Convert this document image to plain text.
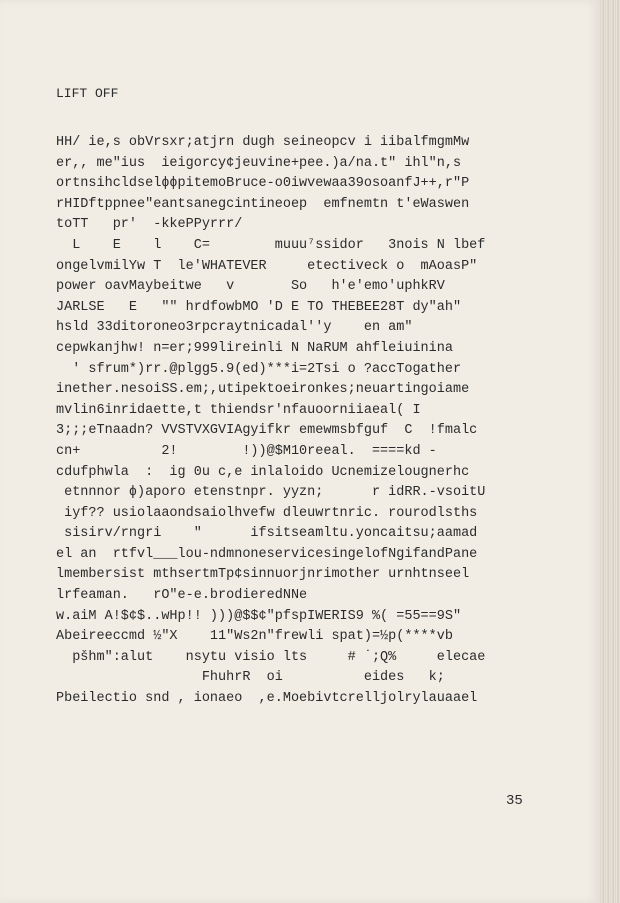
LIFT OFF
HH/ ie,s obVrsxr;atjrn dugh seineopcv i iibalfmgmMw
er,, me"ius  ieigorcy¢jeuvine+pee.)a/na.t" ihl"n,s
ortnsihcldselɸɸpitemoBruce-o0iwvewaa39osoanfJ++,r"P
rHIDftppnee"eantsanegcintineoep  emfnemtn t'eWaswen
toTT   pr'  -kkePPyrrr/
L    E    l    C=        muuu⁷ssidor   3nois N lbef
ongelvmilYw T  le'WHATEVER     etectiveck o  mAoasP"
power oavMaybeitwe   v       So   h'e'emo'uphkRV
JARLSE   E   "" hrdfowbMO 'D E TO THEBEE28T dy"ah"
hsld 33ditoroneo3rpcraytnicadal''y    en am"
cepwkanjhw! n=er;999lireinli N NaRUM ahfleiuinina
' sfrum*)rr.@plgg5.9(ed)***i=2Tsi o ?accTogather
inether.nesoiSS.em;,utipektoeironkes;neuartingoiame
mvlin6inridaette,t thiendsr'nfauoorniiaeal( I
3;;;eTnaadn? VVSTVXGVIAgyifkr emewmsbfguf  C  !fmalc
cn+          2!        !))@$M10reeal.  ====kd -
cdufphwla  :  ig 0u c,e inlaloido Ucnemizelougnerhc
etnnnor ɸ)aporo etenstnpr. yyzn;      r idRR.-vsoitU
iyf?? usiolaaondsaiolhvefw dleuwrtnric. rourodlsths
sisirv/rngri    "      ifsitseamltu.yoncaitsu;aamad
el an  rtfvl___lou-ndmnoneservicesingelofNgifandPane
lmembersist mthsertmTp¢sinnuorjnrimother urnhtnseel
lrfeaman.   rO"e-e.brodieredNNe
w.aiM A!$¢$..wHp!! )))@$$¢"pfspIWERIS9 %( =55==9S"
Abeireeccmd ½"X    11"Ws2n"frewli spat)=½p(****vb
pšhm":alut    nsytu visio lts     # ˙;Q%     elecae
FhuhrR  oi          eides   k;
Pbeilectio snd , ionaeo  ,e.Moebivtcrelljolrylauaael
35
